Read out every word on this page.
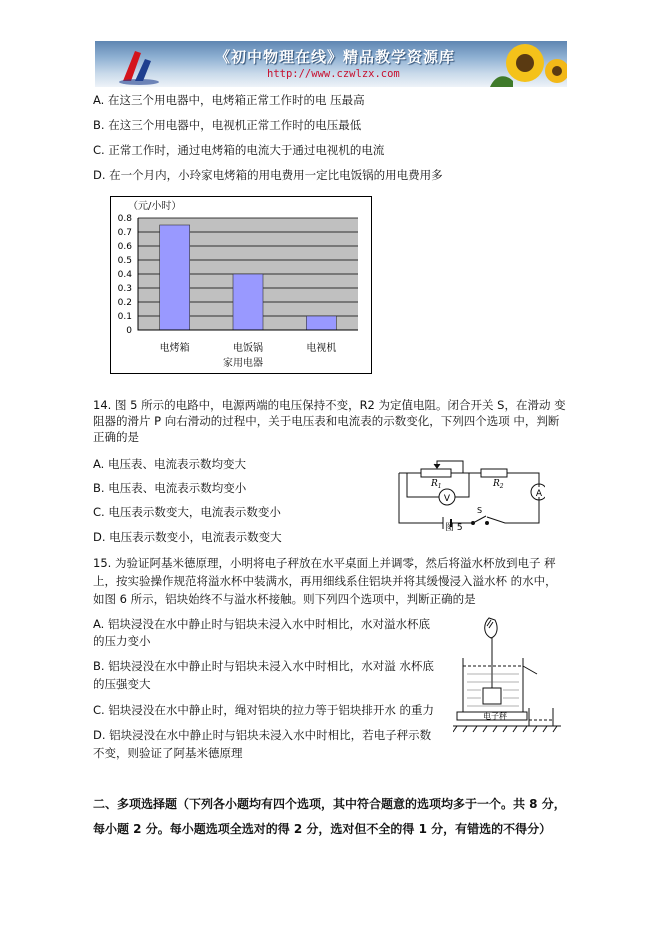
《初中物理在线》精品教学资源库
http://www.czwlzx.com
A. 在这三个用电器中，电烤箱正常工作时的电 压最高
B. 在这三个用电器中，电视机正常工作时的电压最低
C. 正常工作时，通过电烤箱的电流大于通过电视机的电流
D. 在一个月内，小玲家电烤箱的用电费用一定比电饭锅的用电费用多
（元/小时）
0
0.1
0.2
0.3
0.4
0.5
0.6
0.7
0.8
电烤箱	电饭锅	电视机
家用电器
14. 图 5 所示的电路中，电源两端的电压保持不变，R2 为定值电阻。闭合开关 S，在滑动 变
阻器的滑片 P 向右滑动的过程中，关于电压表和电流表的示数变化，下列四个选项 中，判断
正确的是
A. 电压表、电流表示数均变大
B. 电压表、电流表示数均变小
C. 电压表示数变大，电流表示数变小
D. 电压表示数变小，电流表示数变大
V	A
$R_1$	$R_2$
S
图 5
15. 为验证阿基米德原理，小明将电子秤放在水平桌面上并调零，然后将溢水杯放到电子 秤
上，按实验操作规范将溢水杯中装满水，再用细线系住铝块并将其缓慢浸入溢水杯 的水中，
如图 6 所示，铝块始终不与溢水杯接触。则下列四个选项中，判断正确的是
A. 铝块浸没在水中静止时与铝块未浸入水中时相比，水对溢水杯底
的压力变小
B. 铝块浸没在水中静止时与铝块未浸入水中时相比，水对溢 水杯底
的压强变大
C. 铝块浸没在水中静止时，绳对铝块的拉力等于铝块排开水 的重力
D. 铝块浸没在水中静止时与铝块未浸入水中时相比，若电子秤示数
不变，则验证了阿基米德原理
电子秤
二、多项选择题（下列各小题均有四个选项，其中符合题意的选项均多于一个。共 8 分，
每小题 2 分。每小题选项全选对的得 2 分，选对但不全的得 1 分，有错选的不得分）
